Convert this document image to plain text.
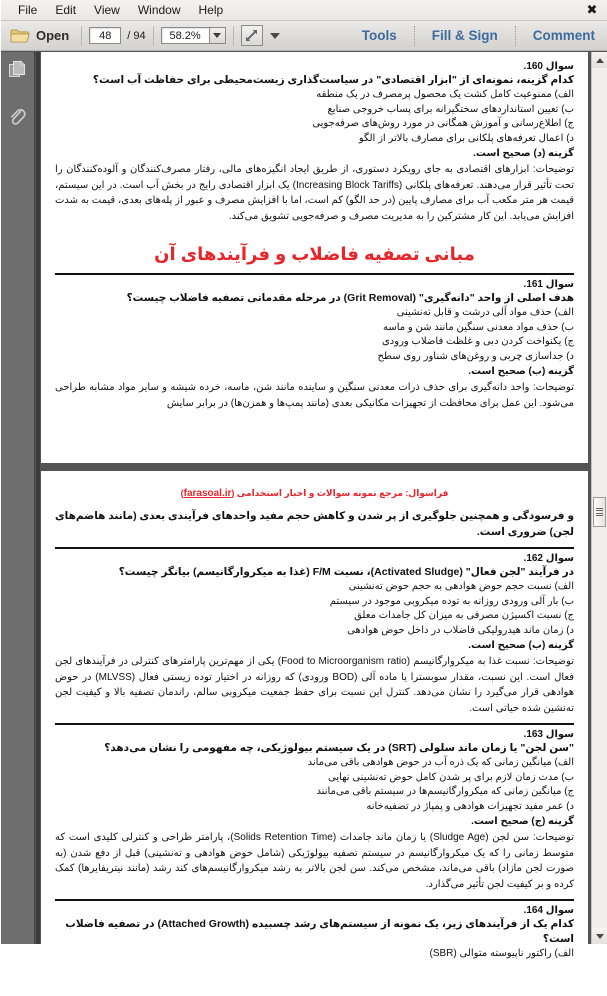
File	Edit	View	Window	Help	✖
Open	48	/ 94	58.2%	Tools	Fill & Sign	Comment
سوال 160.
کدام گزینه، نمونه‌ای از "ابزار اقتصادی" در سیاست‌گذاری زیست‌محیطی برای حفاظت آب است؟
الف) ممنوعیت کامل کشت یک محصول پرمصرف در یک منطقه
ب) تعیین استانداردهای سختگیرانه برای پساب خروجی صنایع
ج) اطلاع‌رسانی و آموزش همگانی در مورد روش‌های صرفه‌جویی
د) اعمال تعرفه‌های پلکانی برای مصارف بالاتر از الگو
گزینه (د) صحیح است.
توضیحات: ابزارهای اقتصادی به جای رویکرد دستوری، از طریق ایجاد انگیزه‌های مالی، رفتار مصرف‌کنندگان و آلوده‌کنندگان را تحت تأثیر قرار می‌دهند. تعرفه‌های پلکانی (Increasing Block Tariffs) یک ابزار اقتصادی رایج در بخش آب است. در این سیستم، قیمت هر متر مکعب آب برای مصارف پایین (در حد الگو) کم است، اما با افزایش مصرف و عبور از پله‌های بعدی، قیمت به شدت افزایش می‌یابد. این کار مشترکین را به مدیریت مصرف و صرفه‌جویی تشویق می‌کند.
مبانی تصفیه فاضلاب و فرآیندهای آن
سوال 161.
هدف اصلی از واحد "دانه‌گیری" (Grit Removal) در مرحله مقدماتی تصفیه فاضلاب چیست؟
الف) حذف مواد آلی درشت و قابل ته‌نشینی
ب) حذف مواد معدنی سنگین مانند شن و ماسه
ج) یکنواخت کردن دبی و غلظت فاضلاب ورودی
د) جداسازی چربی و روغن‌های شناور روی سطح
گزینه (ب) صحیح است.
توضیحات: واحد دانه‌گیری برای حذف ذرات معدنی سنگین و ساینده مانند شن، ماسه، خرده شیشه و سایر مواد مشابه طراحی می‌شود. این عمل برای محافظت از تجهیزات مکانیکی بعدی (مانند پمپ‌ها و همزن‌ها) در برابر سایش
فراسوال: مرجع نمونه سوالات و اخبار استخدامی (farasoal.ir)
و فرسودگی و همچنین جلوگیری از پر شدن و کاهش حجم مفید واحدهای فرآیندی بعدی (مانند هاضم‌های لجن) ضروری است.
سوال 162.
در فرآیند "لجن فعال" (Activated Sludge)، نسبت F/M (غذا به میکروارگانیسم) بیانگر چیست؟
الف) نسبت حجم حوض هوادهی به حجم حوض ته‌نشینی
ب) بار آلی ورودی روزانه به توده میکروبی موجود در سیستم
ج) نسبت اکسیژن مصرفی به میزان کل جامدات معلق
د) زمان ماند هیدرولیکی فاضلاب در داخل حوض هوادهی
گزینه (ب) صحیح است.
توضیحات: نسبت غذا به میکروارگانیسم (Food to Microorganism ratio) یکی از مهم‌ترین پارامترهای کنترلی در فرآیندهای لجن فعال است. این نسبت، مقدار سوبسترا یا ماده آلی (BOD ورودی) که روزانه در اختیار توده زیستی فعال (MLVSS) در حوض هوادهی قرار می‌گیرد را نشان می‌دهد. کنترل این نسبت برای حفظ جمعیت میکروبی سالم، راندمان تصفیه بالا و کیفیت لجن ته‌نشین شده حیاتی است.
سوال 163.
"سن لجن" یا زمان ماند سلولی (SRT) در یک سیستم بیولوژیکی، چه مفهومی را نشان می‌دهد؟
الف) میانگین زمانی که یک ذره آب در حوض هوادهی باقی می‌ماند
ب) مدت زمان لازم برای پر شدن کامل حوض ته‌نشینی نهایی
ج) میانگین زمانی که میکروارگانیسم‌ها در سیستم باقی می‌مانند
د) عمر مفید تجهیزات هوادهی و پمپاژ در تصفیه‌خانه
گزینه (ج) صحیح است.
توضیحات: سن لجن (Sludge Age) یا زمان ماند جامدات (Solids Retention Time)، پارامتر طراحی و کنترلی کلیدی است که متوسط زمانی را که یک میکروارگانیسم در سیستم تصفیه بیولوژیکی (شامل حوض هوادهی و ته‌نشینی) قبل از دفع شدن (به صورت لجن مازاد) باقی می‌ماند، مشخص می‌کند. سن لجن بالاتر به رشد میکروارگانیسم‌های کند رشد (مانند نیتریفایرها) کمک کرده و بر کیفیت لجن تأثیر می‌گذارد.
سوال 164.
کدام یک از فرآیندهای زیر، یک نمونه از سیستم‌های رشد چسبیده (Attached Growth) در تصفیه فاضلاب است؟
الف) راکتور ناپیوسته متوالی (SBR)
